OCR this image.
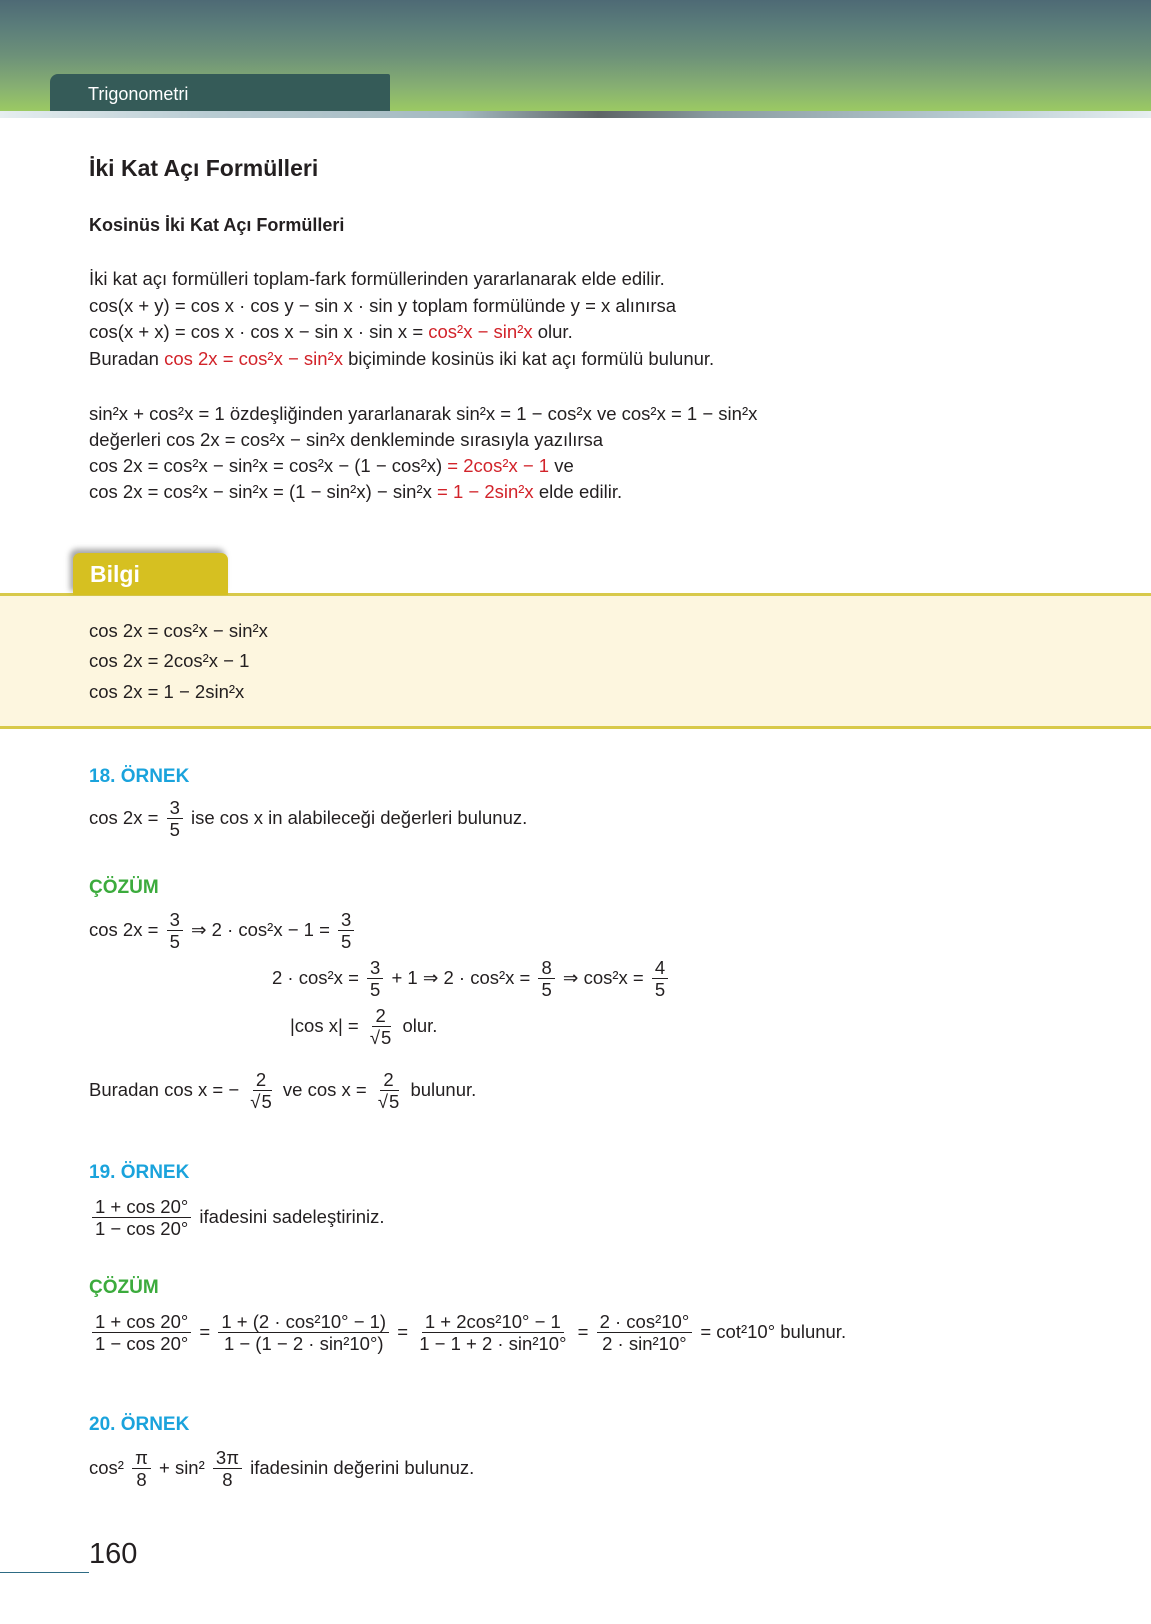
Trigonometri
İki Kat Açı Formülleri
Kosinüs İki Kat Açı Formülleri
İki kat açı formülleri toplam-fark formüllerinden yararlanarak elde edilir.
cos(x + y) = cos x · cos y − sin x · sin y toplam formülünde y = x alınırsa
cos(x + x) = cos x · cos x − sin x · sin x = cos²x − sin²x olur.
Buradan cos 2x = cos²x − sin²x biçiminde kosinüs iki kat açı formülü bulunur.
sin²x + cos²x = 1 özdeşliğinden yararlanarak sin²x = 1 − cos²x ve cos²x = 1 − sin²x
değerleri cos 2x = cos²x − sin²x denkleminde sırasıyla yazılırsa
cos 2x = cos²x − sin²x = cos²x − (1 − cos²x) = 2cos²x − 1 ve
cos 2x = cos²x − sin²x = (1 − sin²x) − sin²x = 1 − 2sin²x elde edilir.
cos 2x = cos²x − sin²x
cos 2x = 2cos²x − 1
cos 2x = 1 − 2sin²x
Bilgi
18. ÖRNEK
$\cos 2x = \frac{3}{5}$ ise cos x in alabileceği değerleri bulunuz.
ÇÖZÜM
$\cos 2x = \frac{3}{5}$ ⇒ $2 \cdot \cos^2x - 1 = \frac{3}{5}$
$2 \cdot \cos^2x = \frac{3}{5} + 1$ ⇒ $2 \cdot \cos^2x = \frac{8}{5}$ ⇒ $\cos^2x = \frac{4}{5}$
|cos $x| = \frac{2}{√5}$ olur.
Buradan cos x = − $\frac{2}{√5}$ ve $\cos x = \frac{2}{√5}$ bulunur.
19. ÖRNEK
$\frac{1 + \cos 20^\circ}{1 - \cos 20^\circ}$ ifadesini sadeleştiriniz.
ÇÖZÜM
$\frac{1 + \cos 20^\circ}{1 - \cos 20^\circ} = \frac{\text{1 + (2 · cos²10° − 1)}}{\text{1 − (1 − 2 · sin²10°)}} = \frac{\text{1 + 2cos²10° − 1}}{\text{1 − 1 + 2 · sin²10°}} = \frac{\text{2 · cos²10°}}{\text{2 · sin²10°}} = \cot^210^\circ$ bulunur.
20. ÖRNEK
$\cos^2 \frac{\pi}{8} + \sin^2 \frac{3\pi}{8}$ ifadesinin değerini bulunuz.
160
